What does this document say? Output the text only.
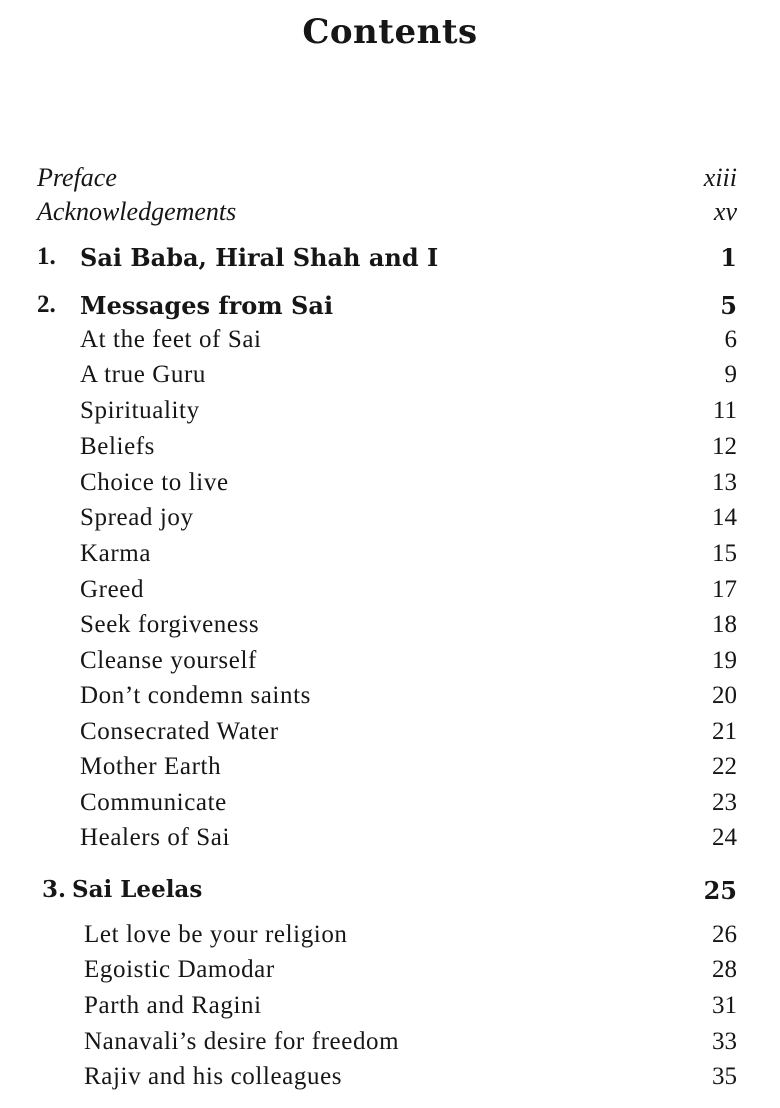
Contents
Preface	xiii
Acknowledgements	xv
1. Sai Baba, Hiral Shah and I	1
2. Messages from Sai	5
At the feet of Sai	6
A true Guru	9
Spirituality	11
Beliefs	12
Choice to live	13
Spread joy	14
Karma	15
Greed	17
Seek forgiveness	18
Cleanse yourself	19
Don’t condemn saints	20
Consecrated Water	21
Mother Earth	22
Communicate	23
Healers of Sai	24
3. Sai Leelas	25
Let love be your religion	26
Egoistic Damodar	28
Parth and Ragini	31
Nanavali’s desire for freedom	33
Rajiv and his colleagues	35
